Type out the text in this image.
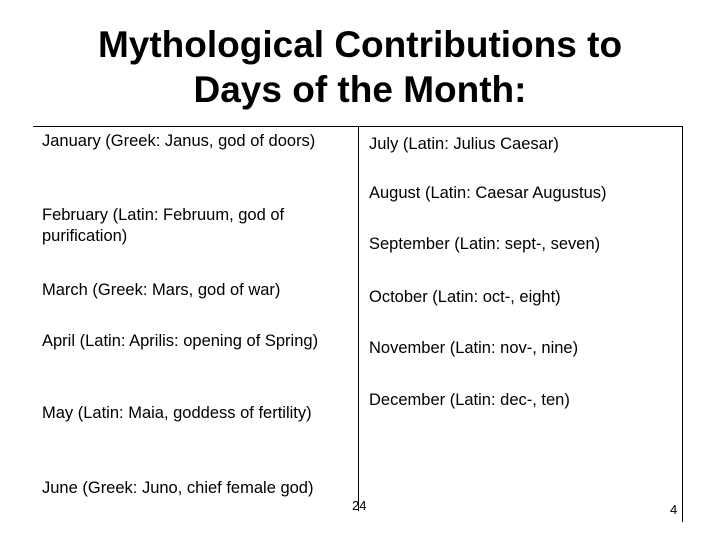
Mythological Contributions to
Days of the Month:
January (Greek: Janus, god of doors)
February (Latin: Februum, god of purification)
March (Greek: Mars, god of war)
April (Latin: Aprilis: opening of Spring)
May (Latin: Maia, goddess of fertility)
June (Greek: Juno, chief female god)
July (Latin: Julius Caesar)
August (Latin: Caesar Augustus)
September (Latin: sept-, seven)
October (Latin: oct-, eight)
November (Latin: nov-, nine)
December (Latin: dec-, ten)
24	4
